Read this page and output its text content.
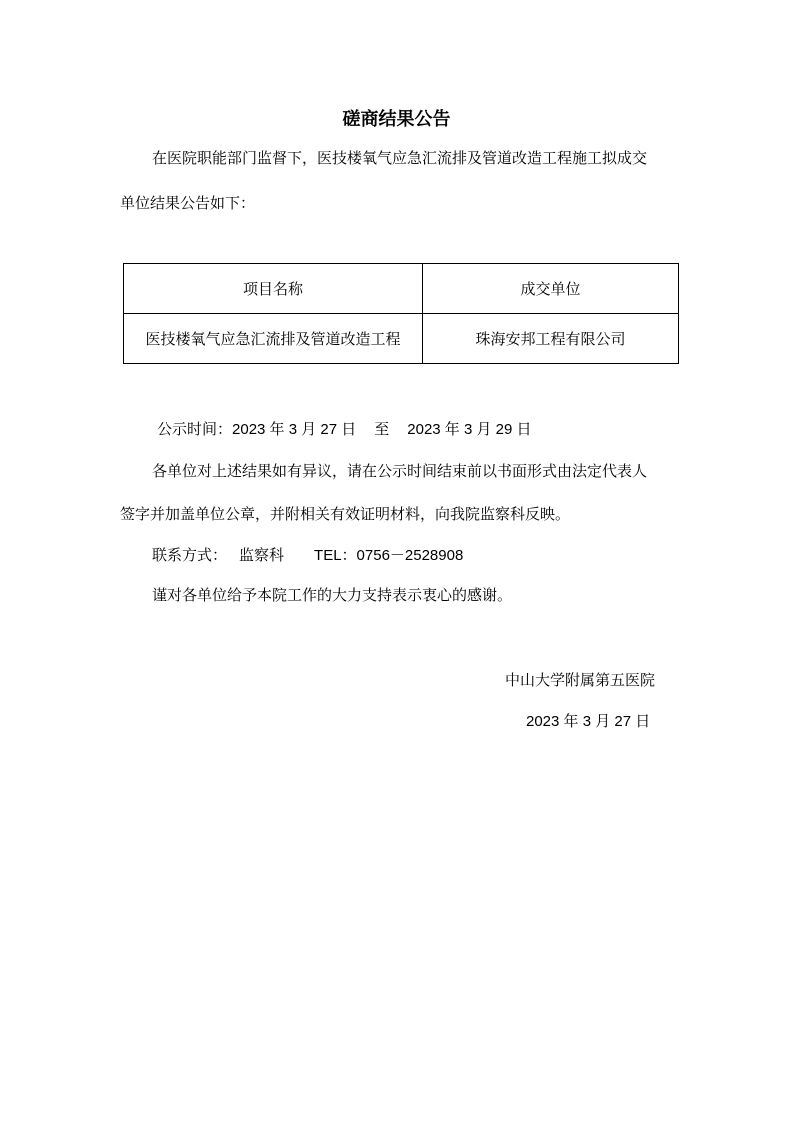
磋商结果公告
在医院职能部门监督下，医技楼氧气应急汇流排及管道改造工程施工拟成交
单位结果公告如下：
项目名称	成交单位
医技楼氧气应急汇流排及管道改造工程	珠海安邦工程有限公司
公示时间：2023 年 3 月 27 日 至 2023 年 3 月 29 日
各单位对上述结果如有异议，请在公示时间结束前以书面形式由法定代表人
签字并加盖单位公章，并附相关有效证明材料，向我院监察科反映。
联系方式： 监察科 TEL：0756－2528908
谨对各单位给予本院工作的大力支持表示衷心的感谢。
中山大学附属第五医院
2023 年 3 月 27 日
